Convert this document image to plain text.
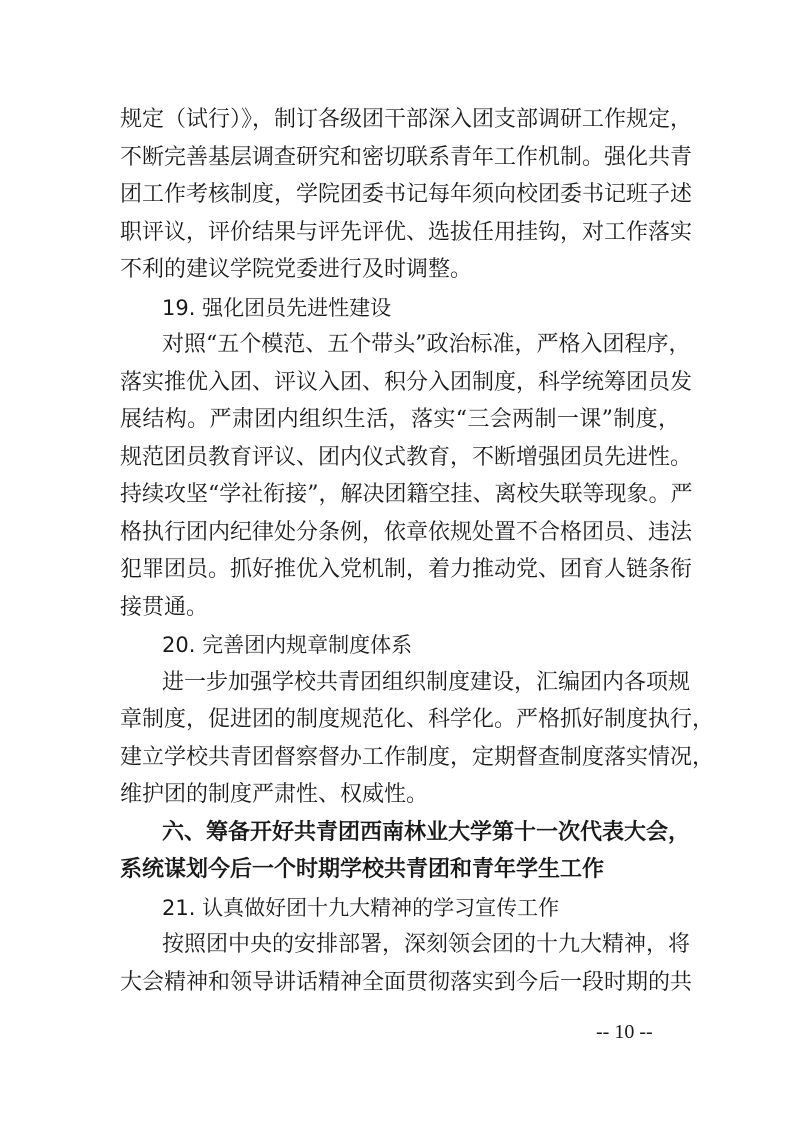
规定（试行）》，制订各级团干部深入团支部调研工作规定，
不断完善基层调查研究和密切联系青年工作机制。强化共青
团工作考核制度，学院团委书记每年须向校团委书记班子述
职评议，评价结果与评先评优、选拔任用挂钩，对工作落实
不利的建议学院党委进行及时调整。
19. 强化团员先进性建设
对照“五个模范、五个带头”政治标准，严格入团程序，
落实推优入团、评议入团、积分入团制度，科学统筹团员发
展结构。严肃团内组织生活，落实“三会两制一课”制度，
规范团员教育评议、团内仪式教育，不断增强团员先进性。
持续攻坚“学社衔接”，解决团籍空挂、离校失联等现象。严
格执行团内纪律处分条例，依章依规处置不合格团员、违法
犯罪团员。抓好推优入党机制，着力推动党、团育人链条衔
接贯通。
20. 完善团内规章制度体系
进一步加强学校共青团组织制度建设，汇编团内各项规
章制度，促进团的制度规范化、科学化。严格抓好制度执行，
建立学校共青团督察督办工作制度，定期督查制度落实情况，
维护团的制度严肃性、权威性。
六、筹备开好共青团西南林业大学第十一次代表大会，
系统谋划今后一个时期学校共青团和青年学生工作
21. 认真做好团十九大精神的学习宣传工作
按照团中央的安排部署，深刻领会团的十九大精神，将
大会精神和领导讲话精神全面贯彻落实到今后一段时期的共
-- 10 --
